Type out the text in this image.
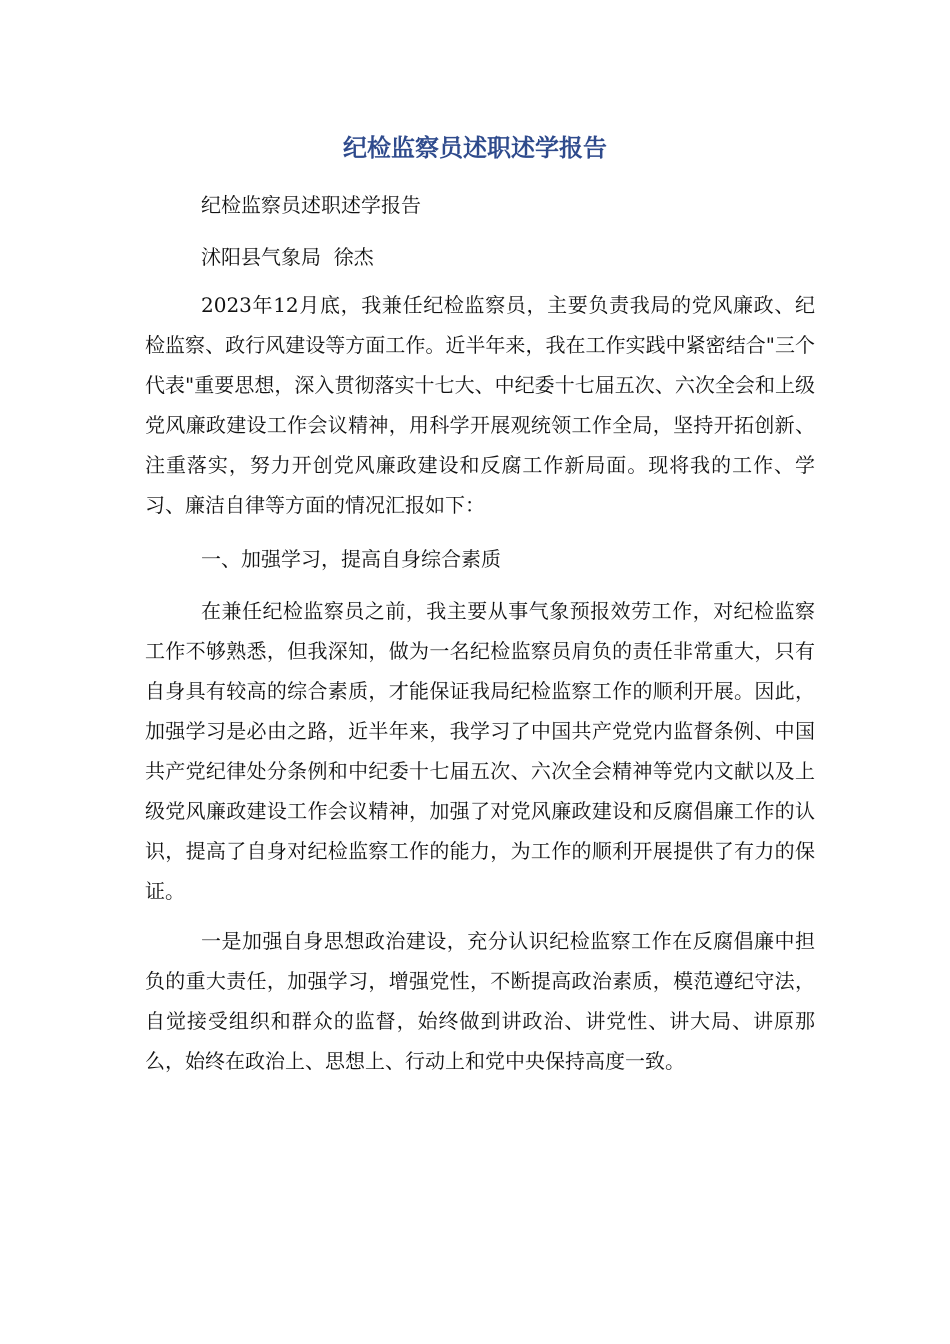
纪检监察员述职述学报告

纪检监察员述职述学报告

沭阳县气象局  徐杰

2023年12月底，我兼任纪检监察员，主要负责我局的党风廉政、纪检监察、政行风建设等方面工作。近半年来，我在工作实践中紧密结合"三个代表"重要思想，深入贯彻落实十七大、中纪委十七届五次、六次全会和上级党风廉政建设工作会议精神，用科学开展观统领工作全局，坚持开拓创新、注重落实，努力开创党风廉政建设和反腐工作新局面。现将我的工作、学习、廉洁自律等方面的情况汇报如下：

一、加强学习，提高自身综合素质

在兼任纪检监察员之前，我主要从事气象预报效劳工作，对纪检监察工作不够熟悉，但我深知，做为一名纪检监察员肩负的责任非常重大，只有自身具有较高的综合素质，才能保证我局纪检监察工作的顺利开展。因此，加强学习是必由之路，近半年来，我学习了中国共产党党内监督条例、中国共产党纪律处分条例和中纪委十七届五次、六次全会精神等党内文献以及上级党风廉政建设工作会议精神，加强了对党风廉政建设和反腐倡廉工作的认识，提高了自身对纪检监察工作的能力，为工作的顺利开展提供了有力的保证。

一是加强自身思想政治建设，充分认识纪检监察工作在反腐倡廉中担负的重大责任，加强学习，增强党性，不断提高政治素质，模范遵纪守法，自觉接受组织和群众的监督，始终做到讲政治、讲党性、讲大局、讲原那么，始终在政治上、思想上、行动上和党中央保持高度一致。
